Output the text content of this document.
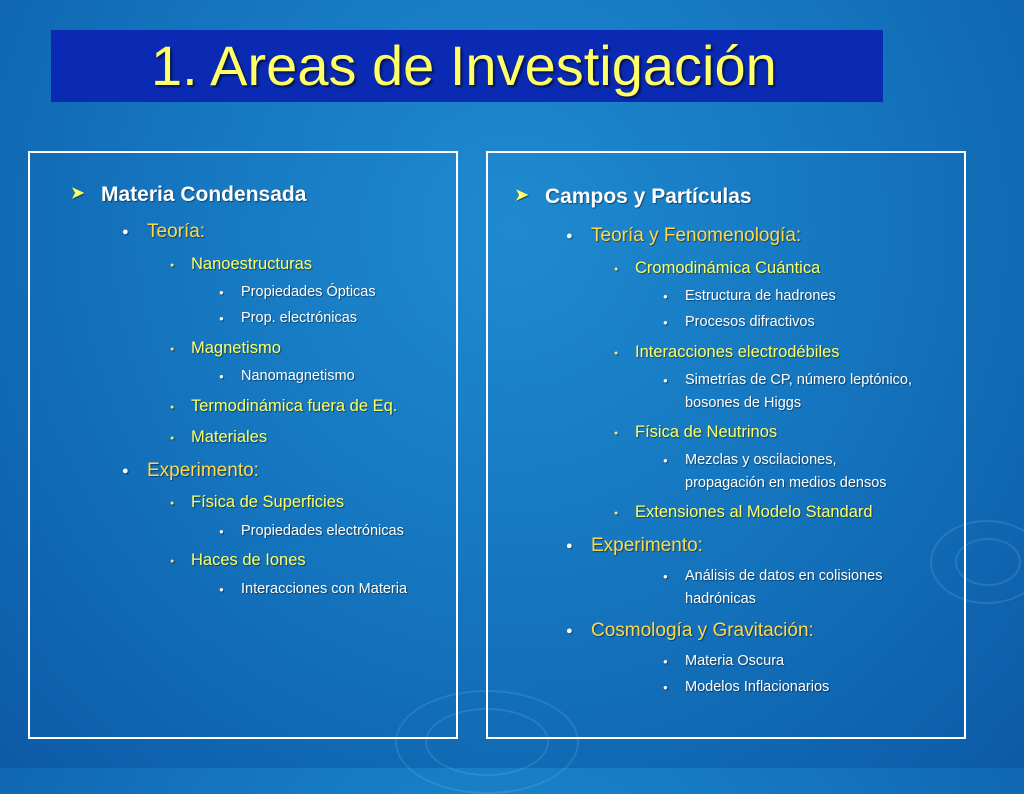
1. Areas de Investigación
➤ Materia Condensada
● Teoría:
● Nanoestructuras
● Propiedades Ópticas
● Prop. electrónicas
● Magnetismo
● Nanomagnetismo
● Termodinámica fuera de Eq.
● Materiales
● Experimento:
● Física de Superficies
● Propiedades electrónicas
● Haces de Iones
● Interacciones con Materia
➤ Campos y Partículas
● Teoría y Fenomenología:
● Cromodinámica Cuántica
● Estructura de hadrones
● Procesos difractivos
● Interacciones electrodébiles
● Simetrías de CP, número leptónico,
bosones de Higgs
● Física de Neutrinos
● Mezclas y oscilaciones,
propagación en medios densos
● Extensiones al Modelo Standard
● Experimento:
● Análisis de datos en colisiones
hadrónicas
● Cosmología y Gravitación:
● Materia Oscura
● Modelos Inflacionarios
